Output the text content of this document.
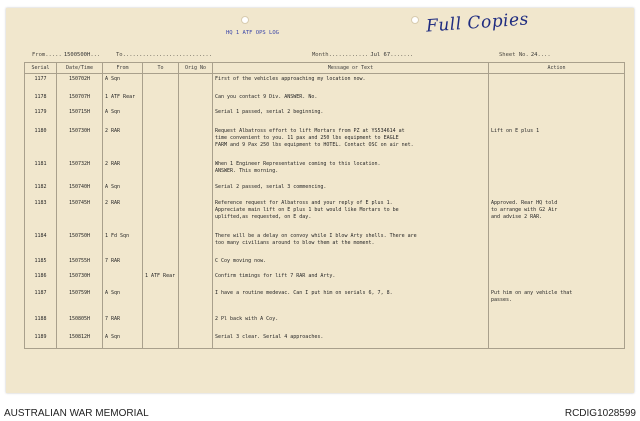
HQ 1 ATF OPS LOG
From..... 1500500H...	To...........................	Month............ Jul 67.......	Sheet No. 24....
Full Copies
Serial	Date/Time	From	To	Orig No	Message or Text	Action
1177	150702H	A Sqn			First of the vehicles approaching my location now.	

1178	150707H	1 ATF Rear			Can you contact 9 Div. ANSWER. No.	

1179	150715H	A Sqn			Serial 1 passed, serial 2 beginning.	

1180	150730H	2 RAR			Request Albatross effort to lift Mortars from PZ at YS534614 at
time convenient to you. 11 pax and 250 lbs equipment to EAGLE
FARM and 9 Pax 250 lbs equipment to HOTEL. Contact OSC on air net.	Lift on E plus 1

1181	150732H	2 RAR			When 1 Engineer Representative coming to this location.
ANSWER. This morning.	

1182	150740H	A Sqn			Serial 2 passed, serial 3 commencing.	

1183	150745H	2 RAR			Reference request for Albatross and your reply of E plus 1.
Appreciate main lift on E plus 1 but would like Mortars to be
uplifted,as requested, on E day.	Approved. Rear HQ told
to arrange with G2 Air
and advise 2 RAR.

1184	150750H	1 Fd Sqn			There will be a delay on convoy while I blow Arty shells. There are
too many civilians around to blow them at the moment.	

1185	150755H	7 RAR			C Coy moving now.	

1186	150730H		1 ATF Rear		Confirm timings for lift 7 RAR and Arty.	

1187	150759H	A Sqn			I have a routine medevac. Can I put him on serials 6, 7, 8.	Put him on any vehicle that
passes.

1188	150805H	7 RAR			2 Pl back with A Coy.	

1189	150812H	A Sqn			Serial 3 clear. Serial 4 approaches.	

AUSTRALIAN WAR MEMORIAL	RCDIG1028599
